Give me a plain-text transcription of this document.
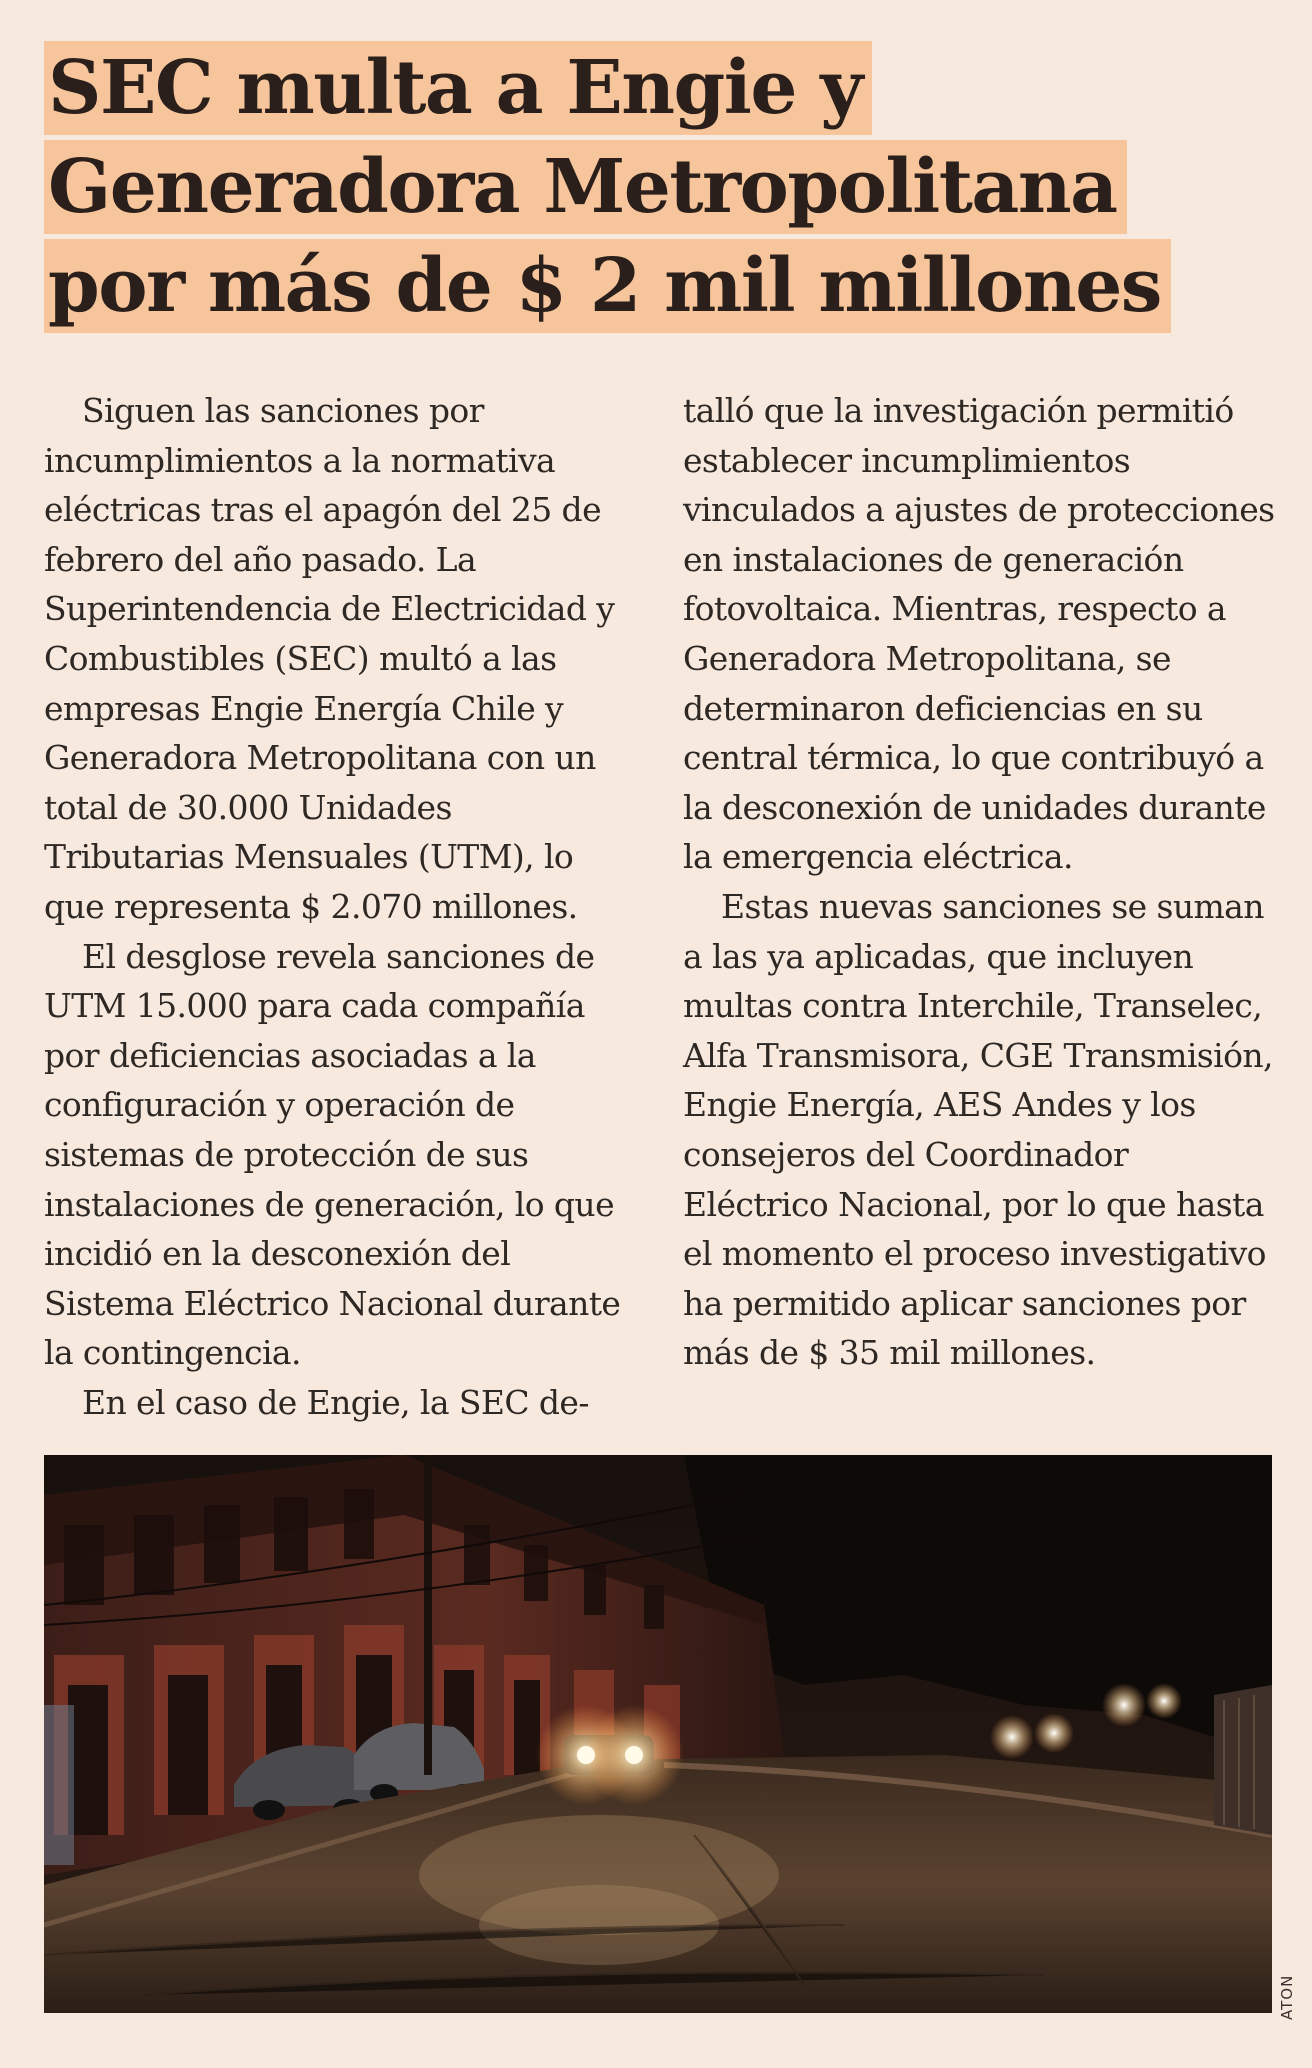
SEC multa a Engie y
Generadora Metropolitana
por más de $ 2 mil millones

Siguen las sanciones por incumplimientos a la normativa eléctricas tras el apagón del 25 de febrero del año pasado. La Superintendencia de Electricidad y Combustibles (SEC) multó a las empresas Engie Energía Chile y Generadora Metropolitana con un total de 30.000 Unidades Tributarias Mensuales (UTM), lo que representa $ 2.070 millones.

El desglose revela sanciones de UTM 15.000 para cada compañía por deficiencias asociadas a la configuración y operación de sistemas de protección de sus instalaciones de generación, lo que incidió en la desconexión del Sistema Eléctrico Nacional durante la contingencia.

En el caso de Engie, la SEC de-

talló que la investigación permitió establecer incumplimientos vinculados a ajustes de protecciones en instalaciones de generación fotovoltaica. Mientras, respecto a Generadora Metropolitana, se determinaron deficiencias en su central térmica, lo que contribuyó a la desconexión de unidades durante la emergencia eléctrica.

Estas nuevas sanciones se suman a las ya aplicadas, que incluyen multas contra Interchile, Transelec, Alfa Transmisora, CGE Transmisión, Engie Energía, AES Andes y los consejeros del Coordinador Eléctrico Nacional, por lo que hasta el momento el proceso investigativo ha permitido aplicar sanciones por más de $ 35 mil millones.

ATON
